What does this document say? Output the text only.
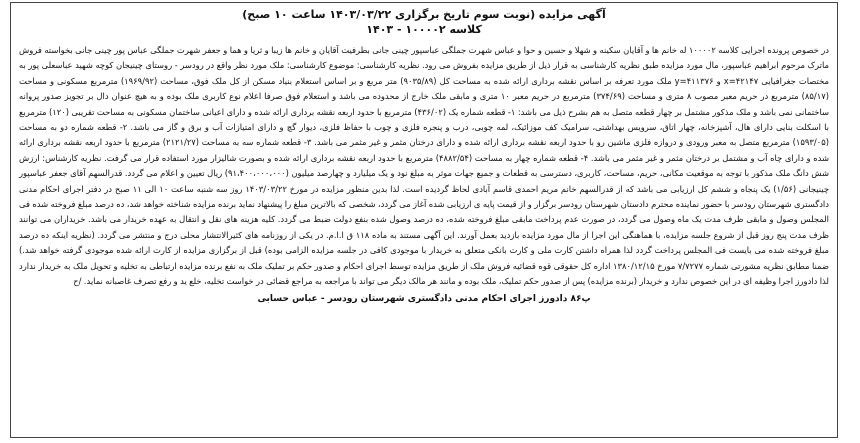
آگهی مزایده (نوبت سوم تاریخ برگزاری ۱۴۰۳/۰۳/۲۲ ساعت ۱۰ صبح)

کلاسه ۱۰۰۰۰۲ - ۱۴۰۳

در خصوص پرونده اجرایی کلاسه ۱۰۰۰۰۲ له خانم ها و آقایان سکینه و شهلا و حسین و حوا و عباس شهرت جملگی عباسپور چینی جانی بطرفیت آقایان و خانم ها زیبا و ثریا و هما و جعفر شهرت جملگی عباس پور چینی جانی بخواسته فروش ماترک مرحوم ابراهیم عباسپور، مال مورد مزایده طبق نظریه کارشناسی به قرار ذیل از طریق مزایده بفروش می رود. نظریه کارشناسی: موضوع کارشناسی: ملک مورد نظر واقع در رودسر - روستای چینیجان کوچه شهید عباسعلی پور به مختصات جغرافیایی x=۴۲۱۴۷ و y=۴۱۱۳۷۶ ملک مورد تعرفه بر اساس نقشه برداری ارائه شده به مساحت کل (۹۰۳۵/۸۹) متر مربع و بر اساس استعلام بنیاد مسکن از کل ملک فوق، مساحت (۱۹۶۹/۹۲) مترمربع مسکونی و مساحت (۸۵/۱۷) مترمربع در حریم معبر مصوب ۸ متری و مساحت (۳۷۴/۶۹) مترمربع در حریم معبر ۱۰ متری و مابقی ملک خارج از محدوده می باشد و استعلام فوق صرفا اعلام نوع کاربری ملک بوده و به هیچ عنوان دال بر تجویز صدور پروانه ساختمانی نمی باشد و ملک مذکور مشتمل بر چهار قطعه متصل به هم بشرح ذیل می باشد: ۱- قطعه شماره یک (۴۳۶/۰۲) مترمربع با حدود اربعه نقشه برداری ارائه شده و دارای اعیانی ساختمان مسکونی به مساحت تقریبی (۱۲۰) مترمربع با اسکلت بنایی دارای هال، آشپزخانه، چهار اتاق، سرویس بهداشتی، سرامیک کف موزائیک، لمه چوبی، درب و پنجره فلزی و چوب با حفاظ فلزی، دیوار گچ و دارای امتیازات آب و برق و گاز می باشد. ۲- قطعه شماره دو به مساحت (۱۵۹۳/۰۵) مترمربع متصل به معبر ورودی و دروازه فلزی ماشین رو با حدود اربعه نقشه برداری ارائه شده و دارای درختان مثمر و غیر مثمر می باشد. ۳- قطعه شماره سه به مساحت (۲۱۲۱/۲۷) مترمربع با حدود اربعه نقشه برداری ارائه شده و دارای چاه آب و مشتمل بر درختان مثمر و غیر مثمر می باشد. ۴- قطعه شماره چهار به مساحت (۴۸۸۲/۵۴) مترمربع با حدود اربعه نقشه برداری ارائه شده و بصورت شالیزار مورد استفاده قرار می گرفت. نظریه کارشناس: ارزش شش دانگ ملک مذکور با توجه به موقعیت مکانی، حریم، مساحت، کاربری، دسترسی به قطعات و جمیع جهات موثر به مبلغ نود و یک میلیارد و چهارصد میلیون (۹۱،۴۰۰،۰۰۰،۰۰۰) ریال تعیین و اعلام می گردد. قدرالسهم آقای جعفر عباسپور چینیجانی (۱/۵۶) یک پنجاه و ششم کل ارزیابی می باشد که از قدرالسهم خانم مریم احمدی قاسم آبادی لحاظ گردیده است. لذا بدین منظور مزایده در مورخ ۱۴۰۳/۰۳/۲۲ روز سه شنبه ساعت ۱۰ الی ۱۱ صبح در دفتر اجرای احکام مدنی دادگستری شهرستان رودسر با حضور نماینده محترم دادستان شهرستان رودسر برگزار و از قیمت پایه ی ارزیابی شده آغاز می گردد، شخصی که بالاترین مبلغ را پیشنهاد نماید برنده مزایده شناخته خواهد شد، ده درصد مبلغ فروخته شده فی المجلس وصول و مابقی ظرف مدت یک ماه وصول می گردد، در صورت عدم پرداخت مابقی مبلغ فروخته شده، ده درصد وصول شده بنفع دولت ضبط می گردد. کلیه هزینه های نقل و انتقال به عهده خریدار می باشد. خریداران می توانند ظرف مدت پنج روز قبل از شروع جلسه مزایده، با هماهنگی این اجرا از مال مورد مزایده بازدید بعمل آورند. این آگهی مستند به ماده ۱۱۸ ق ا.ا.م. در یکی از روزنامه های کثیرالانتشار محلی درج و منتشر می گردد. (نظریه اینکه ده درصد مبلغ فروخته شده می بایست فی المجلس پرداخت گردد لذا همراه داشتن کارت ملی و کارت بانکی متعلق به خریدار با موجودی کافی در جلسه مزایده الزامی بوده) قبل از برگزاری مزایده از کارت ارائه شده موجودی گرفته خواهد شد.) ضمنا مطابق نظریه مشورتی شماره ۷/۷۲۷۷ مورخ ۱۳۸۰/۱۲/۱۵ اداره کل حقوقی قوه قضائیه فروش ملک از طریق مزایده توسط اجرای احکام و صدور حکم بر تملیک ملک به نفع برنده مزایده ارتباطی به تخلیه و تحویل ملک به خریدار ندارد لذا دادورز اجرا وظیفه ای در این خصوص ندارد و خریدار (برنده مزایده) پس از صدور حکم تملیک، ملک بوده و مانند هر مالک دیگر می تواند با مراجعه به مراجع قضائی در خواست تخلیه، خلع ید و رفع تصرف غاصبانه نماید. /ح

پ۸۶ دادورز اجرای احکام مدنی دادگستری شهرستان رودسر - عباس حسابی
